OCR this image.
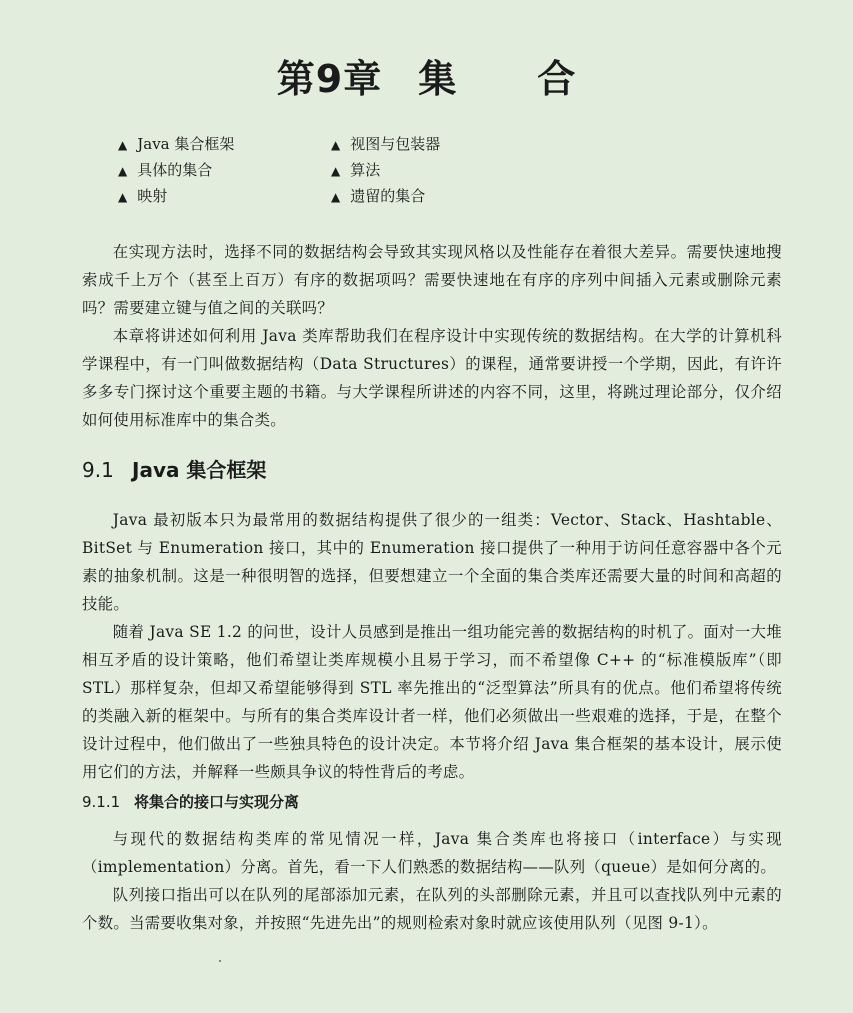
第9章 集 合
▲ Java 集合框架	▲ 视图与包装器
▲ 具体的集合	▲ 算法
▲ 映射	▲ 遗留的集合

在实现方法时，选择不同的数据结构会导致其实现风格以及性能存在着很大差异。需要快速地搜索成千上万个（甚至上百万）有序的数据项吗？需要快速地在有序的序列中间插入元素或删除元素吗？需要建立键与值之间的关联吗？

本章将讲述如何利用 Java 类库帮助我们在程序设计中实现传统的数据结构。在大学的计算机科学课程中，有一门叫做数据结构（Data Structures）的课程，通常要讲授一个学期，因此，有许许多多专门探讨这个重要主题的书籍。与大学课程所讲述的内容不同，这里，将跳过理论部分，仅介绍如何使用标准库中的集合类。

9.1 Java 集合框架

Java 最初版本只为最常用的数据结构提供了很少的一组类：Vector、Stack、Hashtable、BitSet 与 Enumeration 接口，其中的 Enumeration 接口提供了一种用于访问任意容器中各个元素的抽象机制。这是一种很明智的选择，但要想建立一个全面的集合类库还需要大量的时间和高超的技能。

随着 Java SE 1.2 的问世，设计人员感到是推出一组功能完善的数据结构的时机了。面对一大堆相互矛盾的设计策略，他们希望让类库规模小且易于学习，而不希望像 C++ 的“标准模版库”（即 STL）那样复杂，但却又希望能够得到 STL 率先推出的“泛型算法”所具有的优点。他们希望将传统的类融入新的框架中。与所有的集合类库设计者一样，他们必须做出一些艰难的选择，于是，在整个设计过程中，他们做出了一些独具特色的设计决定。本节将介绍 Java 集合框架的基本设计，展示使用它们的方法，并解释一些颇具争议的特性背后的考虑。

9.1.1 将集合的接口与实现分离

与现代的数据结构类库的常见情况一样，Java 集合类库也将接口（interface）与实现（implementation）分离。首先，看一下人们熟悉的数据结构——队列（queue）是如何分离的。

队列接口指出可以在队列的尾部添加元素，在队列的头部删除元素，并且可以查找队列中元素的个数。当需要收集对象，并按照“先进先出”的规则检索对象时就应该使用队列（见图 9-1）。
